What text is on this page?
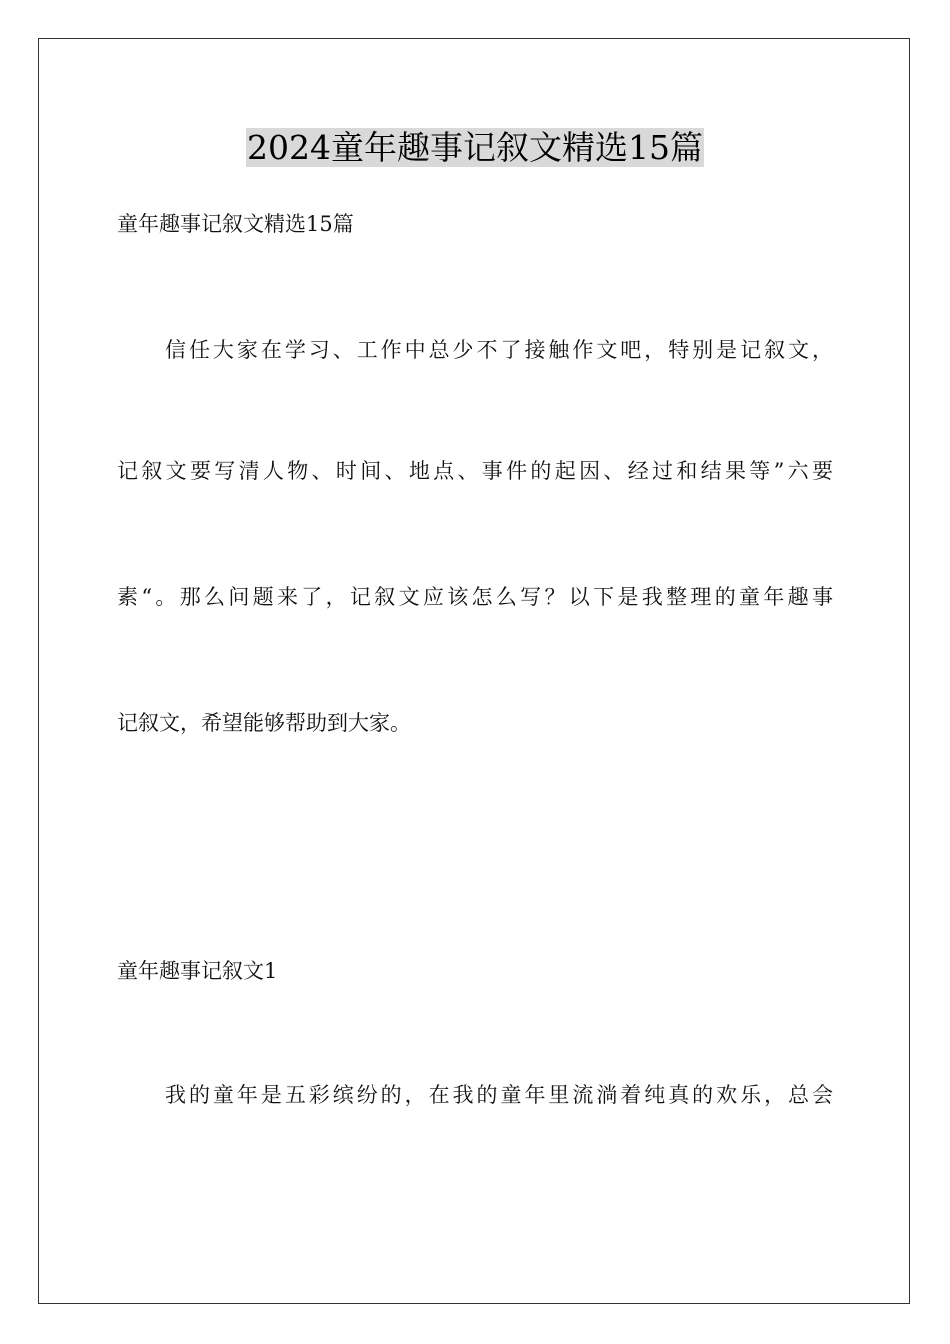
2024童年趣事记叙文精选15篇
童年趣事记叙文精选15篇
信任大家在学习、工作中总少不了接触作文吧，特别是记叙文，
记叙文要写清人物、时间、地点、事件的起因、经过和结果等”六要
素“。那么问题来了，记叙文应该怎么写？以下是我整理的童年趣事
记叙文，希望能够帮助到大家。
童年趣事记叙文1
我的童年是五彩缤纷的，在我的童年里流淌着纯真的欢乐，总会
